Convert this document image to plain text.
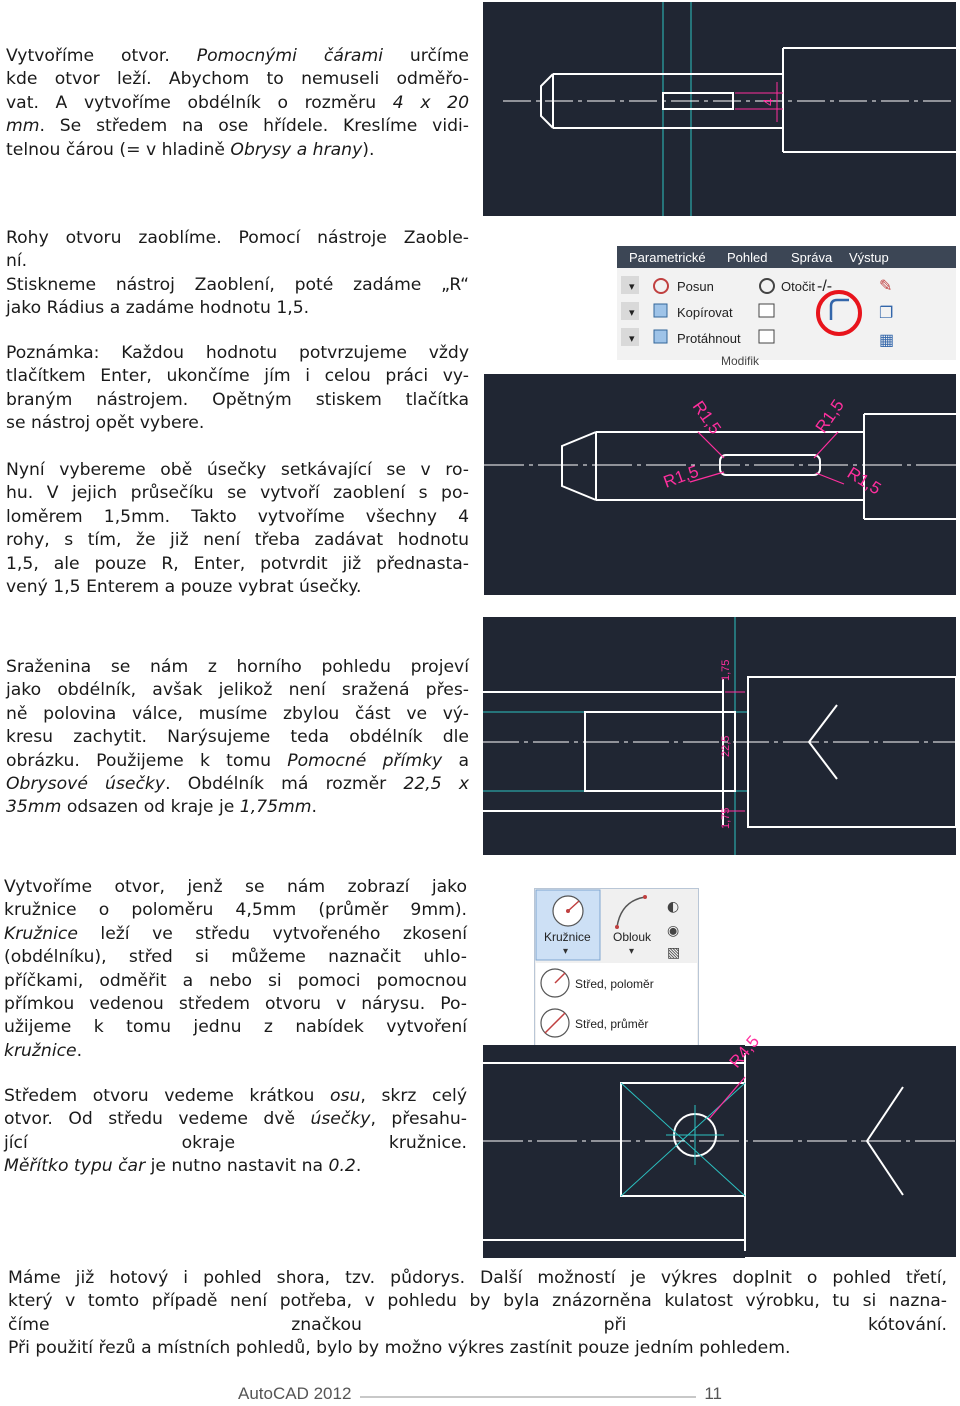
Vytvoříme otvor. Pomocnými čárami určíme
kde otvor leží. Abychom to nemuseli odměřo-
vat. A vytvoříme obdélník o rozměru 4 x 20
mm. Se středem na ose hřídele. Kreslíme vidi-
telnou čárou (= v hladině Obrysy a hrany).
Rohy otvoru zaoblíme. Pomocí nástroje Zaoble-
ní.
Stiskneme nástroj Zaoblení, poté zadáme „R“
jako Rádius a zadáme hodnotu 1,5.
Poznámka: Každou hodnotu potvrzujeme vždy
tlačítkem Enter, ukončíme jím i celou práci vy-
braným nástrojem. Opětným stiskem tlačítka
se nástroj opět vybere.
Nyní vybereme obě úsečky setkávající se v ro-
hu. V jejich průsečíku se vytvoří zaoblení s po-
loměrem 1,5mm. Takto vytvoříme všechny 4
rohy, s tím, že již není třeba zadávat hodnotu
1,5, ale pouze R, Enter, potvrdit již přednasta-
vený 1,5 Enterem a pouze vybrat úsečky.
Sraženina se nám z horního pohledu projeví
jako obdélník, avšak jelikož není sražená přes-
ně polovina válce, musíme zbylou část ve vý-
kresu zachytit. Narýsujeme teda obdélník dle
obrázku. Použijeme k tomu Pomocné přímky a
Obrysové úsečky. Obdélník má rozměr 22,5 x
35mm odsazen od kraje je 1,75mm.
Vytvoříme otvor, jenž se nám zobrazí jako
kružnice o poloměru 4,5mm (průměr 9mm).
Kružnice leží ve středu vytvořeného zkosení
(obdélníku), střed si můžeme naznačit uhlo-
příčkami, odměřit a nebo si pomoci pomocnou
přímkou vedenou středem otvoru v nárysu. Po-
užijeme k tomu jednu z nabídek vytvoření
kružnice.
Středem otvoru vedeme krátkou osu, skrz celý
otvor. Od středu vedeme dvě úsečky, přesahu-
jící okraje kružnice.
Měřítko typu čar je nutno nastavit na 0.2.
Máme již hotový i pohled shora, tzv. půdorys. Další možností je výkres doplnit o pohled třetí,
který v tomto případě není potřeba, v pohledu by byla znázorněna kulatost výrobku, tu si nazna-
číme značkou při kótování.
Při použití řezů a místních pohledů, bylo by možno výkres zastínit pouze jedním pohledem.
4
Parametrické Pohled Správa Výstup
▾
▾
▾
Posun	Otočit
Kopírovat
Protáhnout
-/-	✎
❐
▦
Modifik
R1,5	R1,5
R1,5	R1,5
1,75
22,5
1,75
Kružnice
▾
Oblouk
▾
◐
◉
▧
Střed, poloměr
Střed, průměr
R4,5
AutoCAD 2012	11
